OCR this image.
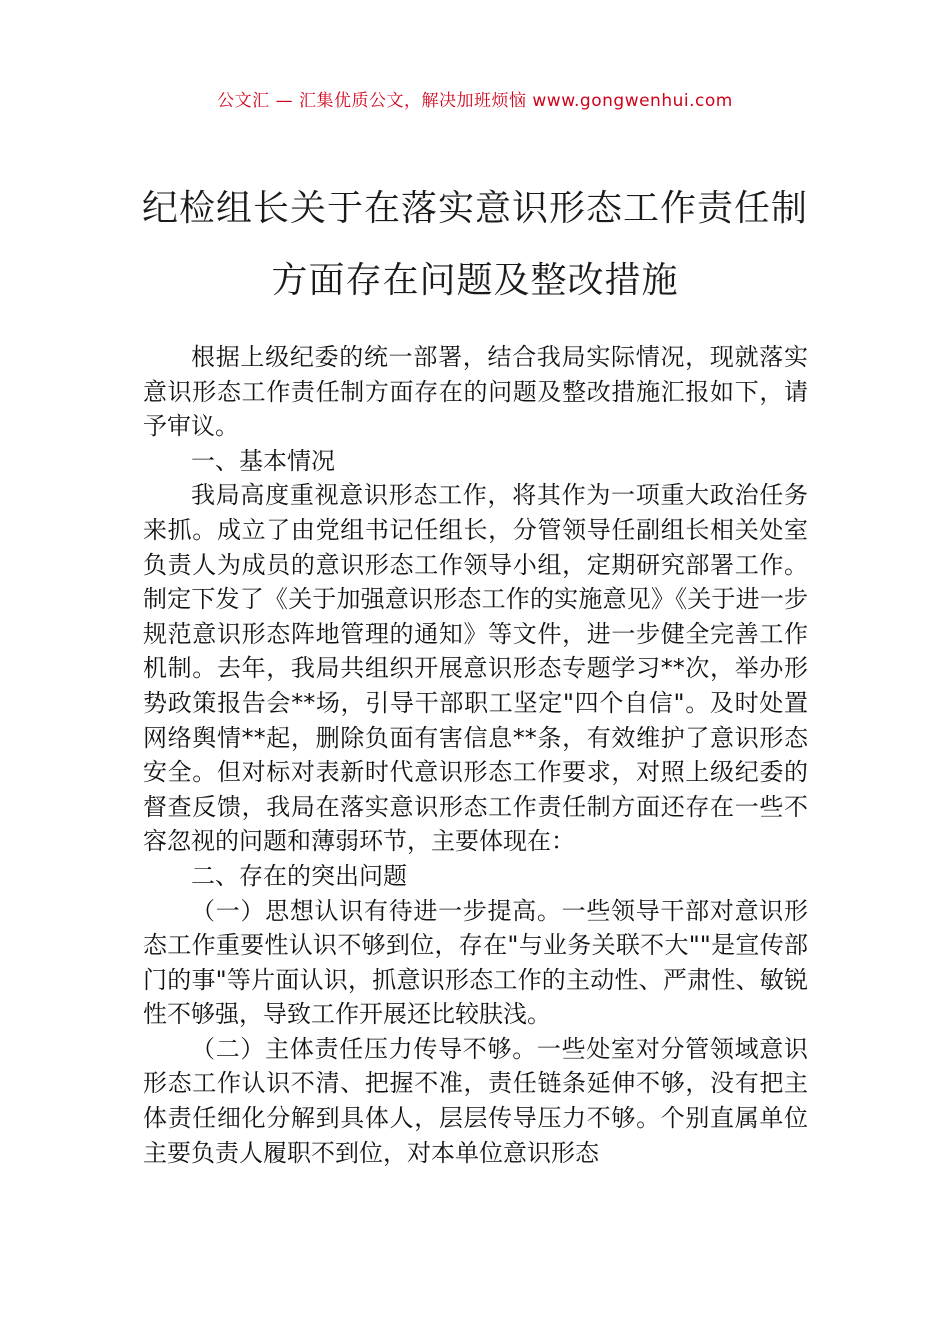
公文汇 — 汇集优质公文，解决加班烦恼 www.gongwenhui.com
纪检组长关于在落实意识形态工作责任制
方面存在问题及整改措施

根据上级纪委的统一部署，结合我局实际情况，现就落实意识形态工作责任制方面存在的问题及整改措施汇报如下，请予审议。

一、基本情况

我局高度重视意识形态工作，将其作为一项重大政治任务来抓。成立了由党组书记任组长，分管领导任副组长相关处室负责人为成员的意识形态工作领导小组，定期研究部署工作。制定下发了《关于加强意识形态工作的实施意见》《关于进一步规范意识形态阵地管理的通知》等文件，进一步健全完善工作机制。去年，我局共组织开展意识形态专题学习**次，举办形势政策报告会**场，引导干部职工坚定"四个自信"。及时处置网络舆情**起，删除负面有害信息**条，有效维护了意识形态安全。但对标对表新时代意识形态工作要求，对照上级纪委的督查反馈，我局在落实意识形态工作责任制方面还存在一些不容忽视的问题和薄弱环节，主要体现在：

二、存在的突出问题

（一）思想认识有待进一步提高。一些领导干部对意识形态工作重要性认识不够到位，存在"与业务关联不大""是宣传部门的事"等片面认识，抓意识形态工作的主动性、严肃性、敏锐性不够强，导致工作开展还比较肤浅。

（二）主体责任压力传导不够。一些处室对分管领域意识形态工作认识不清、把握不准，责任链条延伸不够，没有把主体责任细化分解到具体人，层层传导压力不够。个别直属单位主要负责人履职不到位，对本单位意识形态
